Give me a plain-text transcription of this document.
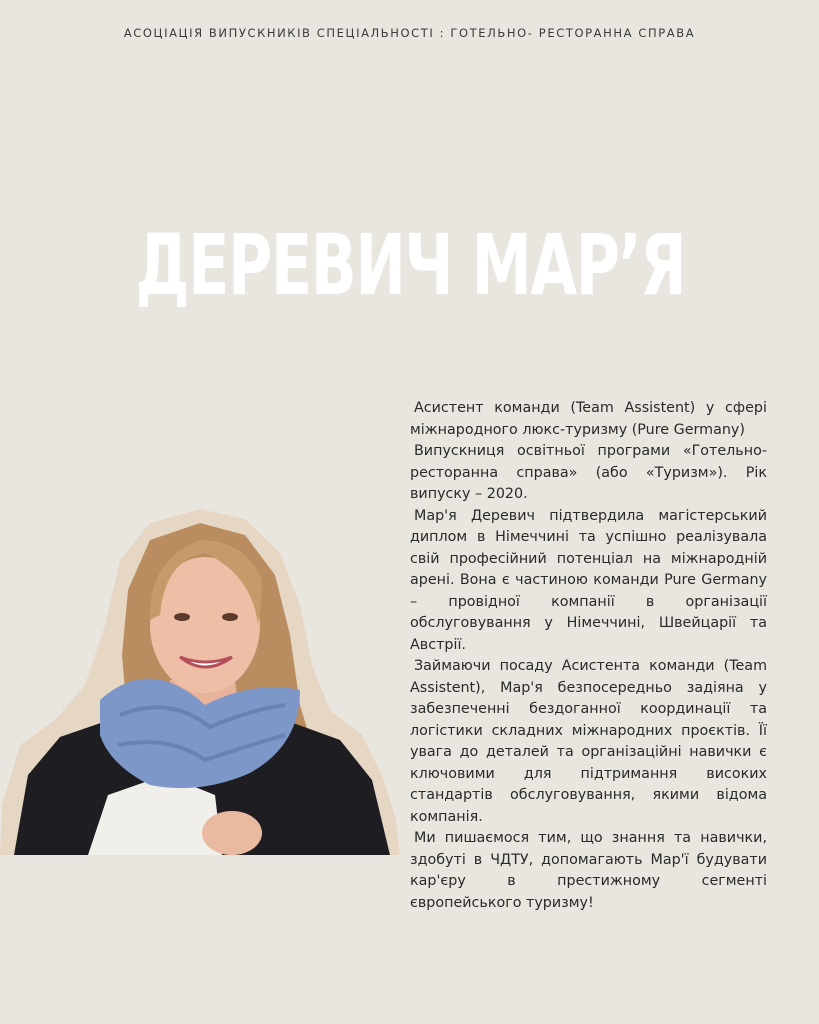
АСОЦІАЦІЯ ВИПУСКНИКІВ СПЕЦІАЛЬНОСТІ : ГОТЕЛЬНО- РЕСТОРАННА СПРАВА
ДЕРЕВИЧ МАР’Я

Асистент команди (Team Assistent) у сфері міжнародного люкс-туризму (Pure Germany)

Випускниця освітньої програми «Готельно-ресторанна справа» (або «Туризм»). Рік випуску – 2020.

Мар'я Деревич підтвердила магістерський диплом в Німеччині та успішно реалізувала свій професійний потенціал на міжнародній арені. Вона є частиною команди Pure Germany – провідної компанії в організації обслуговування у Німеччині, Швейцарії та Австрії.

Займаючи посаду Асистента команди (Team Assistent), Мар'я безпосередньо задіяна у забезпеченні бездоганної координації та логістики складних міжнародних проєктів. Її увага до деталей та організаційні навички є ключовими для підтримання високих стандартів обслуговування, якими відома компанія.

Ми пишаємося тим, що знання та навички, здобуті в ЧДТУ, допомагають Мар'ї будувати кар'єру в престижному сегменті європейського туризму!
